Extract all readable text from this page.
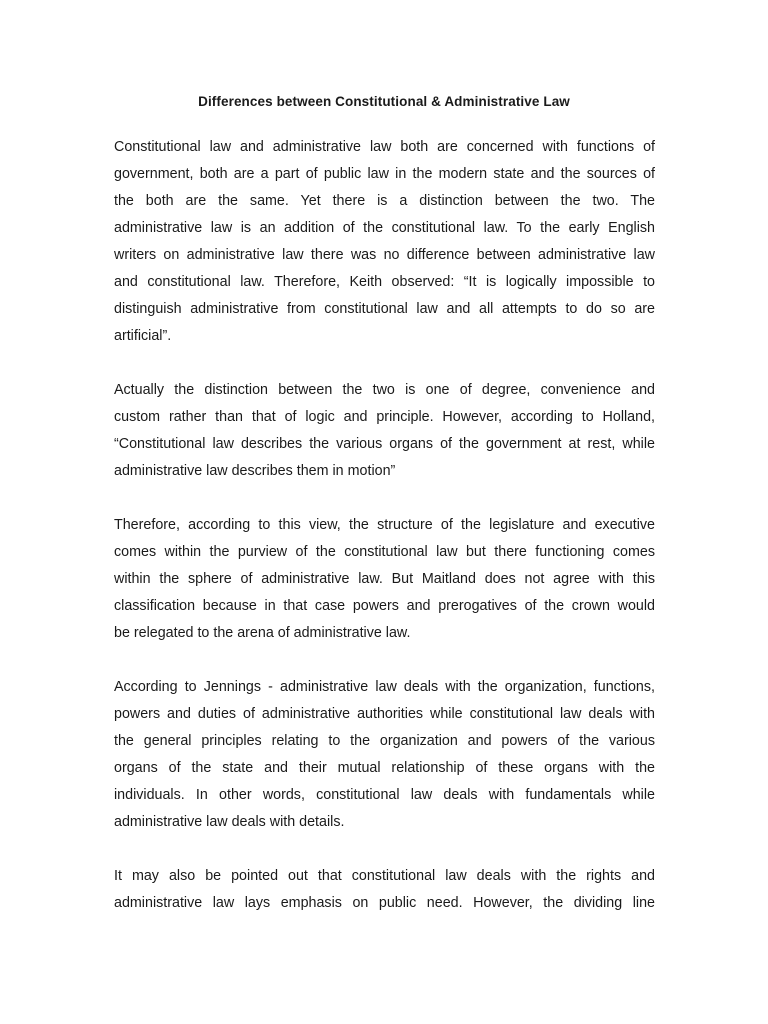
Differences between Constitutional & Administrative Law
Constitutional law and administrative law both are concerned with functions of
government, both are a part of public law in the modern state and the sources of
the both are the same. Yet there is a distinction between the two. The
administrative law is an addition of the constitutional law. To the early English
writers on administrative law there was no difference between administrative law
and constitutional law. Therefore, Keith observed: “It is logically impossible to
distinguish administrative from constitutional law and all attempts to do so are
artificial”.
Actually the distinction between the two is one of degree, convenience and
custom rather than that of logic and principle. However, according to Holland,
“Constitutional law describes the various organs of the government at rest, while
administrative law describes them in motion”
Therefore, according to this view, the structure of the legislature and executive
comes within the purview of the constitutional law but there functioning comes
within the sphere of administrative law. But Maitland does not agree with this
classification because in that case powers and prerogatives of the crown would
be relegated to the arena of administrative law.
According to Jennings - administrative law deals with the organization, functions,
powers and duties of administrative authorities while constitutional law deals with
the general principles relating to the organization and powers of the various
organs of the state and their mutual relationship of these organs with the
individuals. In other words, constitutional law deals with fundamentals while
administrative law deals with details.
It may also be pointed out that constitutional law deals with the rights and
administrative law lays emphasis on public need. However, the dividing line
